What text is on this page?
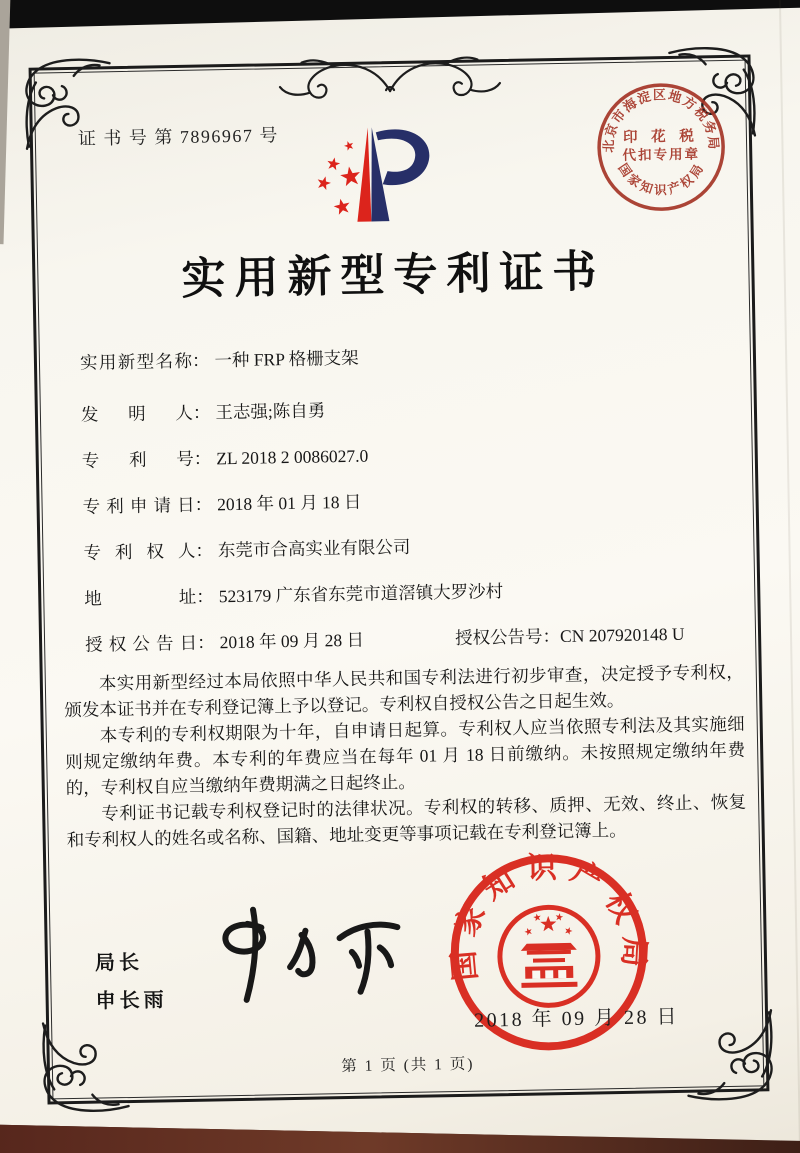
证 书 号 第 7896967 号	北京市海淀区地方税务局
印 花 税
代扣专用章
国家知识产权局
实用新型专利证书
实用新型名称： 一种 FRP 格栅支架
发明人： 王志强;陈自勇
专利号： ZL 2018 2 0086027.0
专利申请日： 2018 年 01 月 18 日
专利权人： 东莞市合高实业有限公司
地址： 523179 广东省东莞市道滘镇大罗沙村
授权公告日： 2018 年 09 月 28 日	授权公告号：CN 207920148 U

本实用新型经过本局依照中华人民共和国专利法进行初步审查，决定授予专利权，颁发本证书并在专利登记簿上予以登记。专利权自授权公告之日起生效。

本专利的专利权期限为十年，自申请日起算。专利权人应当依照专利法及其实施细则规定缴纳年费。本专利的年费应当在每年 01 月 18 日前缴纳。未按照规定缴纳年费的，专利权自应当缴纳年费期满之日起终止。

专利证书记载专利权登记时的法律状况。专利权的转移、质押、无效、终止、恢复和专利权人的姓名或名称、国籍、地址变更等事项记载在专利登记簿上。

局长
申长雨
国家知识产权局
2018 年 09 月 28 日
第 1 页 (共 1 页)
